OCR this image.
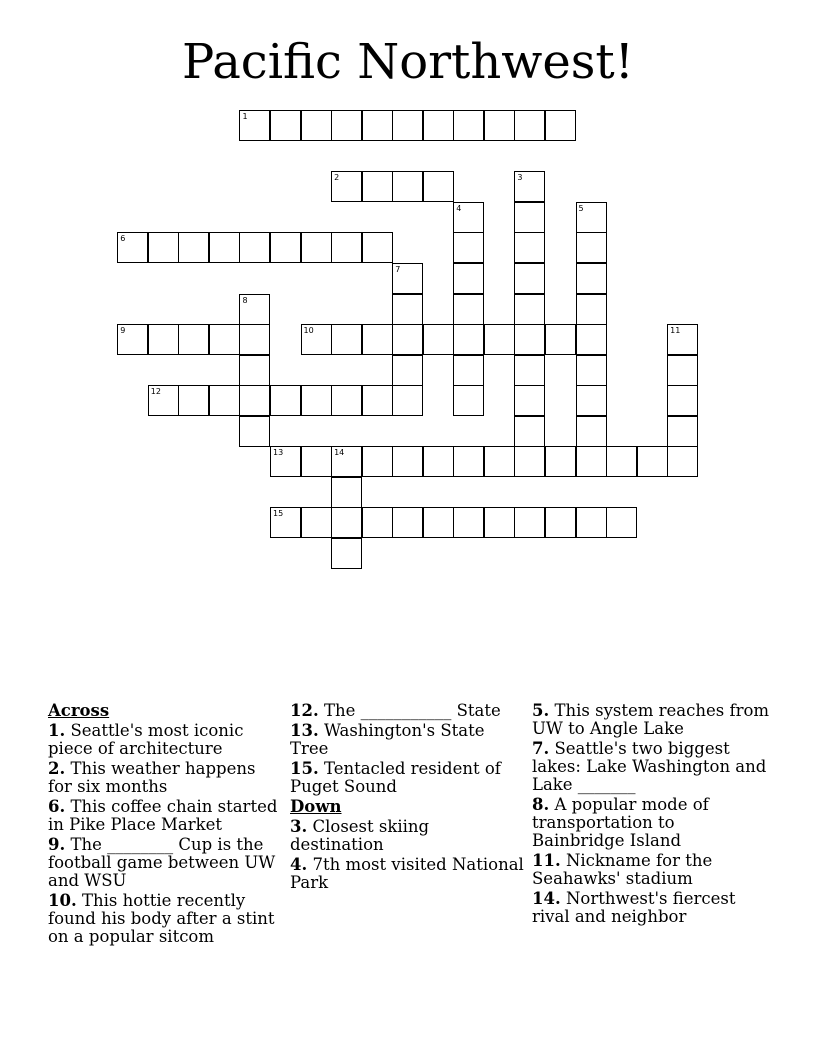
Pacific Northwest!
1
2	3
4	5
6
7
8
9	10	11
12
13	14
15
Across
1. Seattle's most iconic piece of architecture
2. This weather happens for six months
6. This coffee chain started in Pike Place Market
9. The ________ Cup is the football game between UW and WSU
10. This hottie recently found his body after a stint on a popular sitcom
12. The ___________ State
13. Washington's State Tree
15. Tentacled resident of Puget Sound
Down
3. Closest skiing destination
4. 7th most visited National Park
5. This system reaches from UW to Angle Lake
7. Seattle's two biggest lakes: Lake Washington and Lake _______
8. A popular mode of transportation to Bainbridge Island
11. Nickname for the Seahawks' stadium
14. Northwest's fiercest rival and neighbor
